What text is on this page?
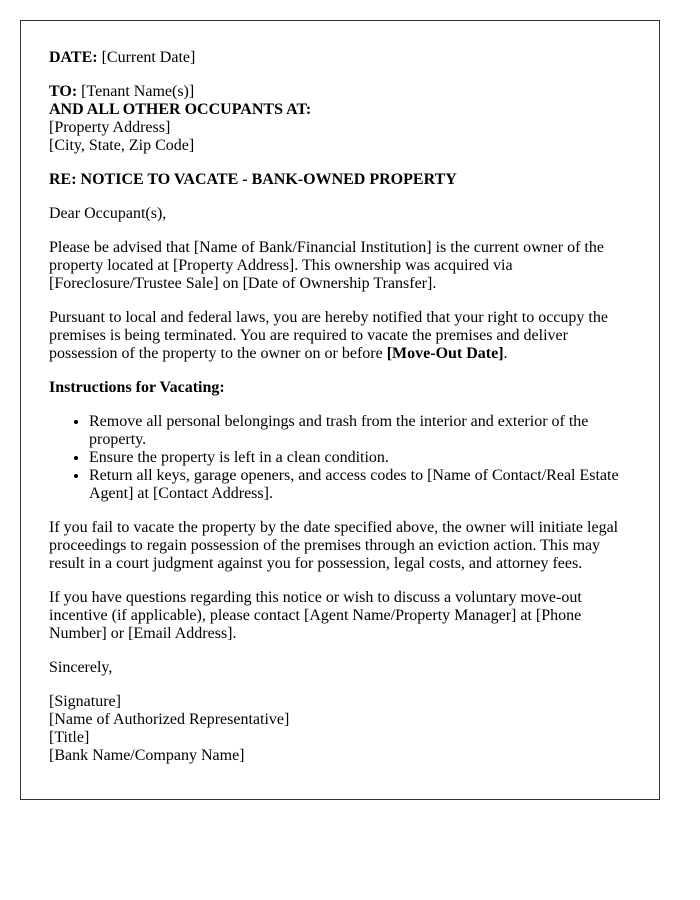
DATE: [Current Date]

TO: [Tenant Name(s)]
AND ALL OTHER OCCUPANTS AT:
[Property Address]
[City, State, Zip Code]

RE: NOTICE TO VACATE - BANK-OWNED PROPERTY

Dear Occupant(s),

Please be advised that [Name of Bank/Financial Institution] is the current owner of the property located at [Property Address]. This ownership was acquired via [Foreclosure/Trustee Sale] on [Date of Ownership Transfer].

Pursuant to local and federal laws, you are hereby notified that your right to occupy the premises is being terminated. You are required to vacate the premises and deliver possession of the property to the owner on or before [Move-Out Date].

Instructions for Vacating:

• Remove all personal belongings and trash from the interior and exterior of the property.
• Ensure the property is left in a clean condition.
• Return all keys, garage openers, and access codes to [Name of Contact/Real Estate Agent] at [Contact Address].

If you fail to vacate the property by the date specified above, the owner will initiate legal proceedings to regain possession of the premises through an eviction action. This may result in a court judgment against you for possession, legal costs, and attorney fees.

If you have questions regarding this notice or wish to discuss a voluntary move-out incentive (if applicable), please contact [Agent Name/Property Manager] at [Phone Number] or [Email Address].

Sincerely,

[Signature]
[Name of Authorized Representative]
[Title]
[Bank Name/Company Name]
